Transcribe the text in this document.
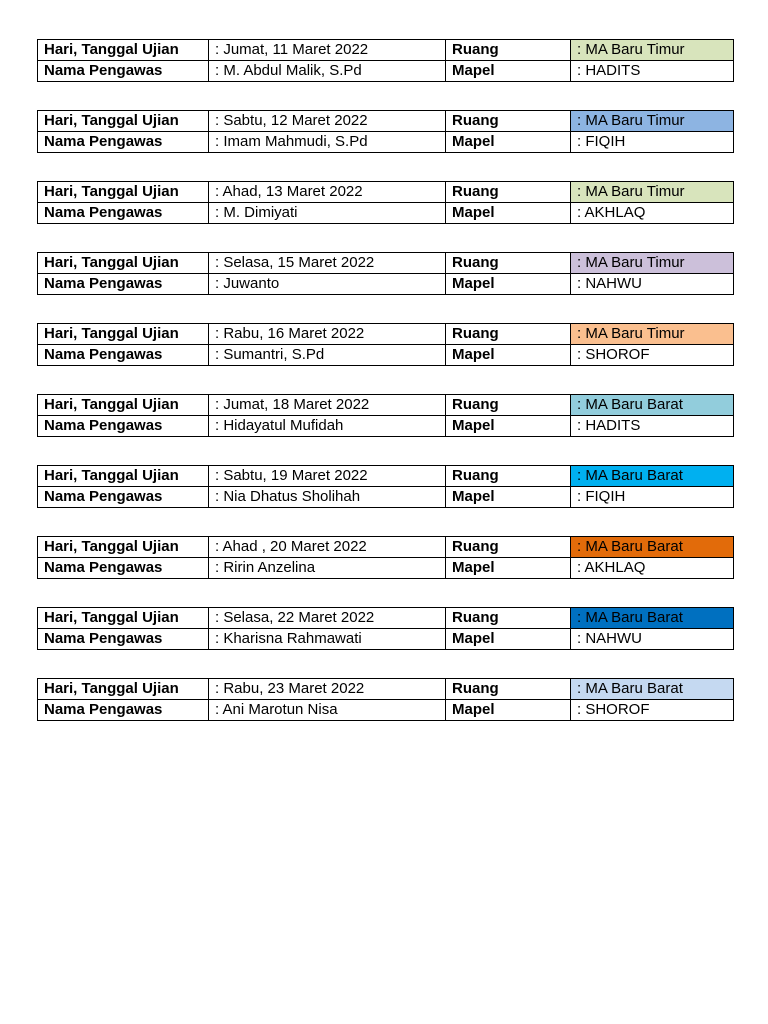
Hari, Tanggal Ujian	: Jumat, 11 Maret 2022	Ruang	: MA Baru Timur
Nama Pengawas	: M. Abdul Malik, S.Pd	Mapel	: HADITS
Hari, Tanggal Ujian	: Sabtu, 12 Maret 2022	Ruang	: MA Baru Timur
Nama Pengawas	: Imam Mahmudi, S.Pd	Mapel	: FIQIH
Hari, Tanggal Ujian	: Ahad, 13 Maret 2022	Ruang	: MA Baru Timur
Nama Pengawas	: M. Dimiyati	Mapel	: AKHLAQ
Hari, Tanggal Ujian	: Selasa, 15 Maret 2022	Ruang	: MA Baru Timur
Nama Pengawas	: Juwanto	Mapel	: NAHWU
Hari, Tanggal Ujian	: Rabu, 16 Maret 2022	Ruang	: MA Baru Timur
Nama Pengawas	: Sumantri, S.Pd	Mapel	: SHOROF
Hari, Tanggal Ujian	: Jumat, 18 Maret 2022	Ruang	: MA Baru Barat
Nama Pengawas	: Hidayatul Mufidah	Mapel	: HADITS
Hari, Tanggal Ujian	: Sabtu, 19 Maret 2022	Ruang	: MA Baru Barat
Nama Pengawas	: Nia Dhatus Sholihah	Mapel	: FIQIH
Hari, Tanggal Ujian	: Ahad , 20 Maret 2022	Ruang	: MA Baru Barat
Nama Pengawas	: Ririn Anzelina	Mapel	: AKHLAQ
Hari, Tanggal Ujian	: Selasa, 22 Maret 2022	Ruang	: MA Baru Barat
Nama Pengawas	: Kharisna Rahmawati	Mapel	: NAHWU
Hari, Tanggal Ujian	: Rabu, 23 Maret 2022	Ruang	: MA Baru Barat
Nama Pengawas	: Ani Marotun Nisa	Mapel	: SHOROF
